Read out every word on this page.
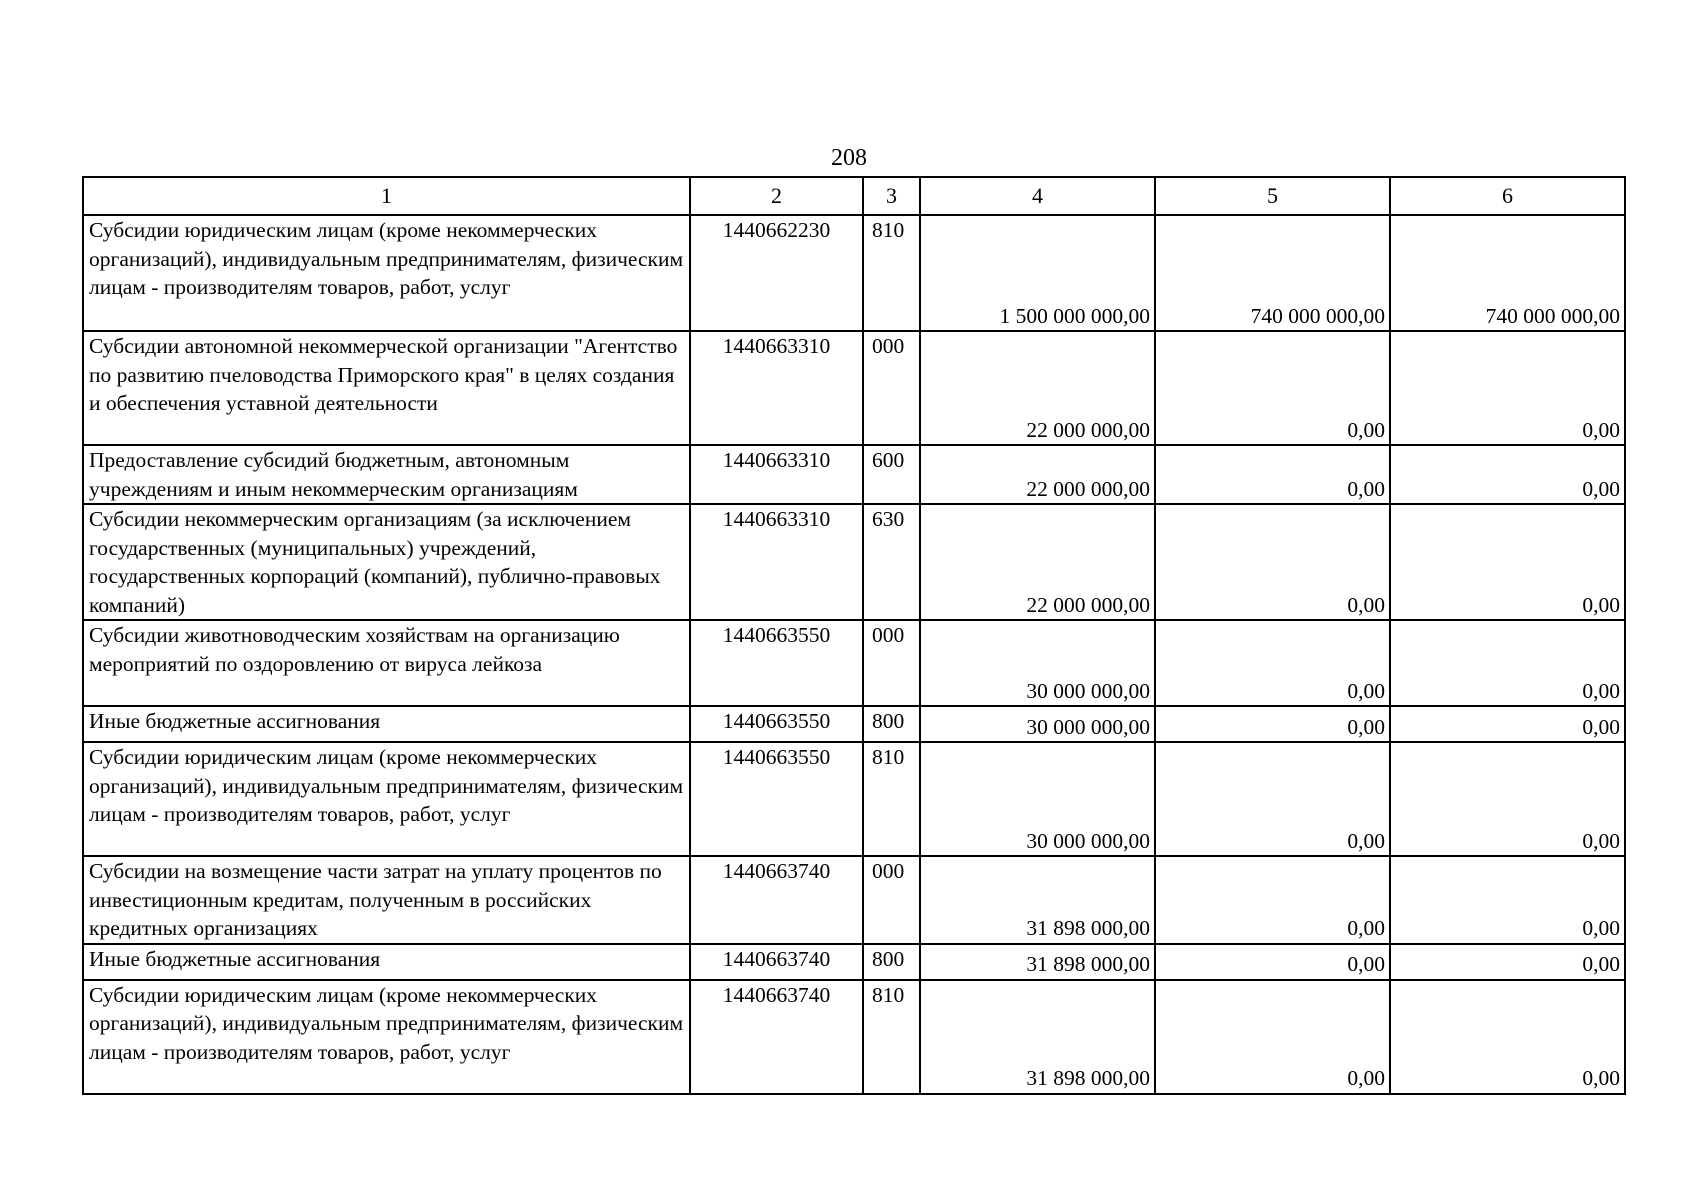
208
1	2	3	4	5	6
Субсидии юридическим лицам (кроме некоммерческих организаций), индивидуальным предпринимателям, физическим лицам - производителям товаров, работ, услуг	1440662230	810	1 500 000 000,00	740 000 000,00	740 000 000,00
Субсидии автономной некоммерческой организации "Агентство по развитию пчеловодства Приморского края" в целях создания и обеспечения уставной деятельности	1440663310	000	22 000 000,00	0,00	0,00
Предоставление субсидий бюджетным, автономным учреждениям и иным некоммерческим организациям	1440663310	600	22 000 000,00	0,00	0,00
Субсидии некоммерческим организациям (за исключением государственных (муниципальных) учреждений, государственных корпораций (компаний), публично-правовых компаний)	1440663310	630	22 000 000,00	0,00	0,00
Субсидии животноводческим хозяйствам на организацию мероприятий по оздоровлению от вируса лейкоза	1440663550	000	30 000 000,00	0,00	0,00
Иные бюджетные ассигнования	1440663550	800	30 000 000,00	0,00	0,00
Субсидии юридическим лицам (кроме некоммерческих организаций), индивидуальным предпринимателям, физическим лицам - производителям товаров, работ, услуг	1440663550	810	30 000 000,00	0,00	0,00
Субсидии на возмещение части затрат на уплату процентов по инвестиционным кредитам, полученным в российских кредитных организациях	1440663740	000	31 898 000,00	0,00	0,00
Иные бюджетные ассигнования	1440663740	800	31 898 000,00	0,00	0,00
Субсидии юридическим лицам (кроме некоммерческих организаций), индивидуальным предпринимателям, физическим лицам - производителям товаров, работ, услуг	1440663740	810	31 898 000,00	0,00	0,00
